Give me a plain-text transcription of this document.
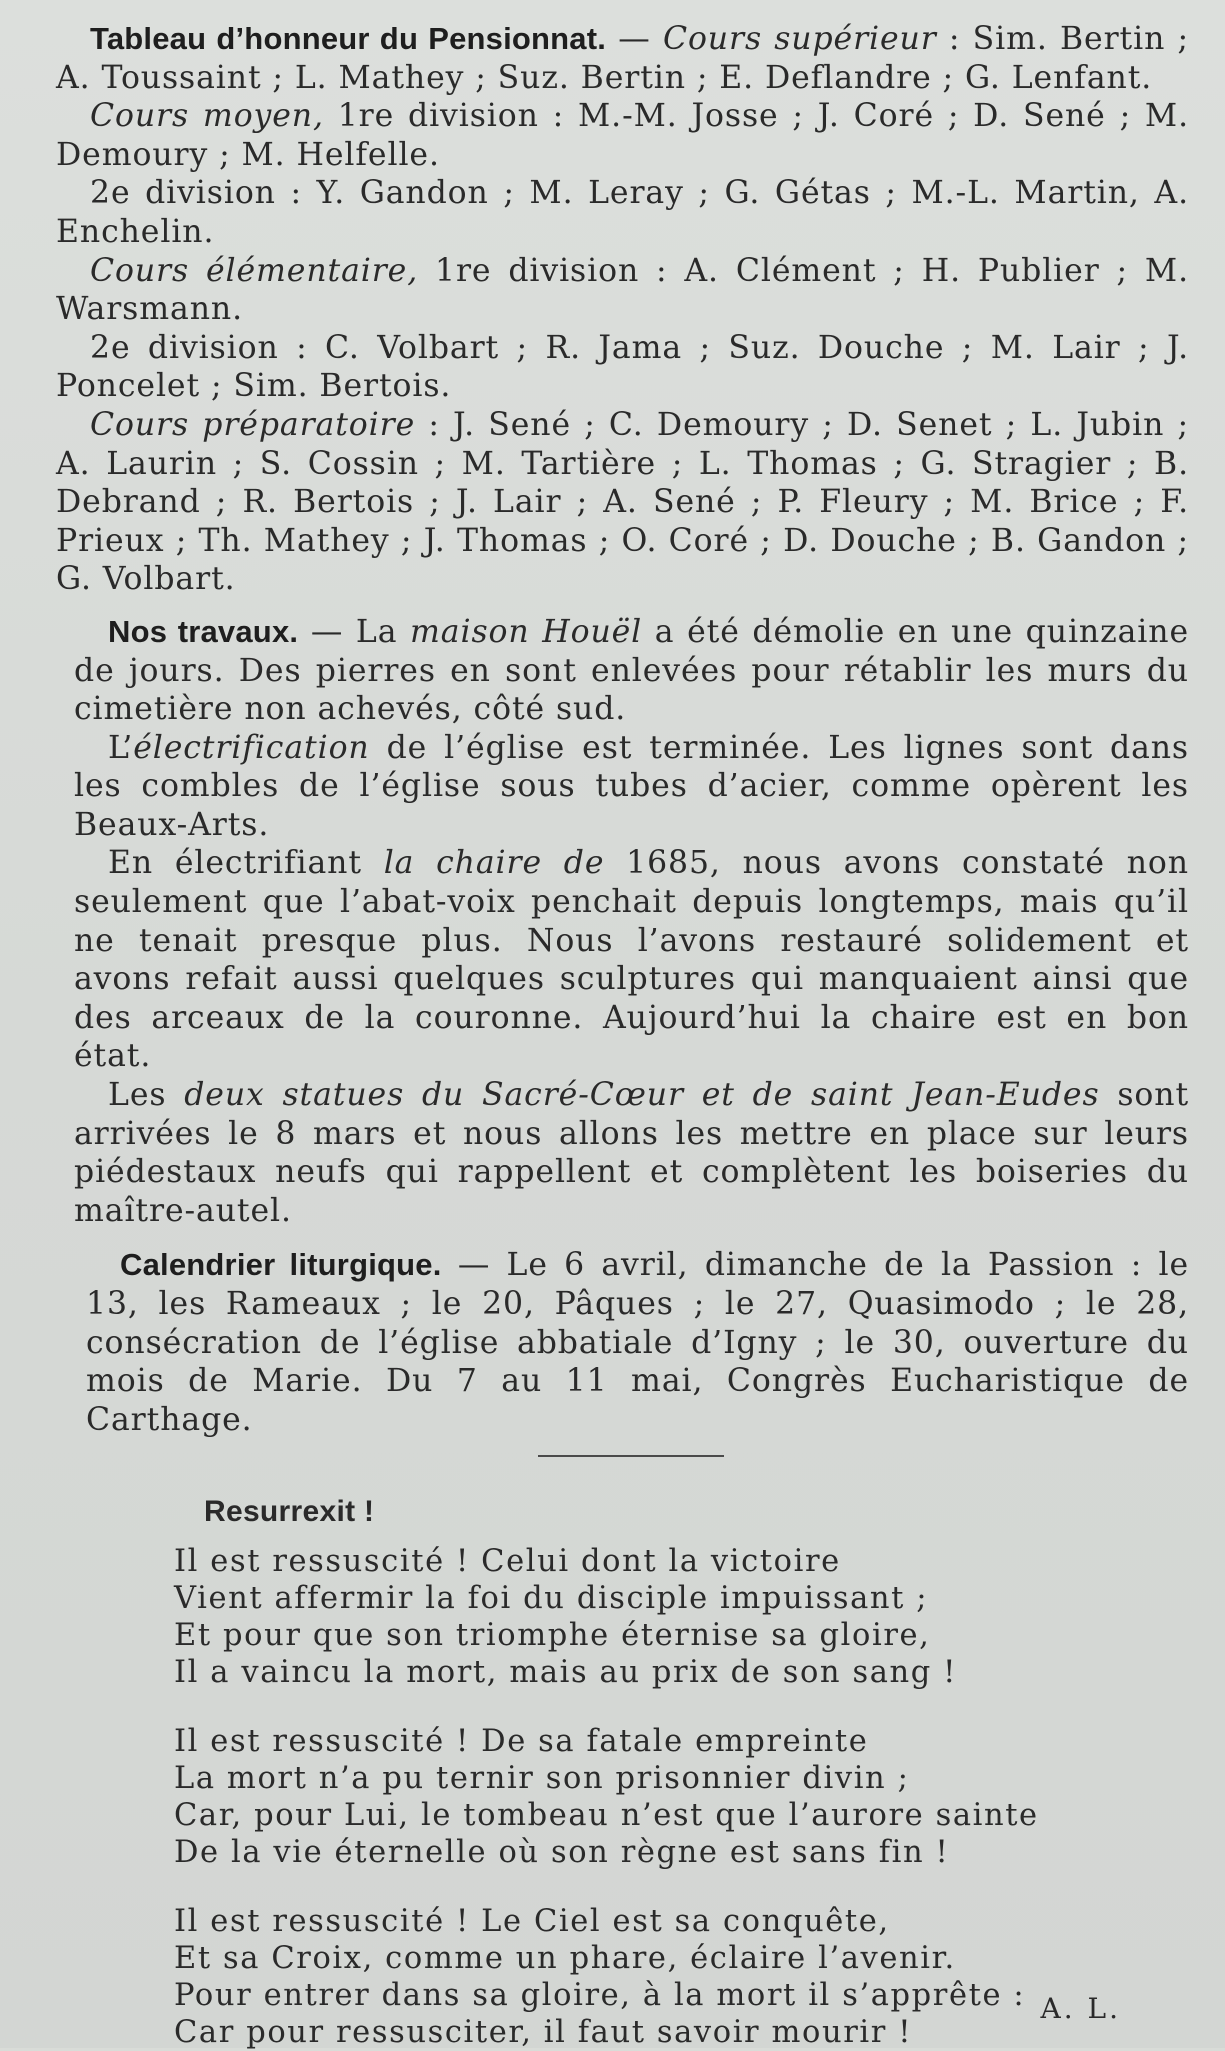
Tableau d’honneur du Pensionnat. — Cours supérieur : Sim. Bertin ; A. Toussaint ; L. Mathey ; Suz. Bertin ; E. Deflandre ; G. Lenfant.

Cours moyen, 1re division : M.-M. Josse ; J. Coré ; D. Sené ; M. Demoury ; M. Helfelle.

2e division : Y. Gandon ; M. Leray ; G. Gétas ; M.-L. Martin, A. Enchelin.

Cours élémentaire, 1re division : A. Clément ; H. Publier ; M. Warsmann.

2e division : C. Volbart ; R. Jama ; Suz. Douche ; M. Lair ; J. Poncelet ; Sim. Bertois.

Cours préparatoire : J. Sené ; C. Demoury ; D. Senet ; L. Jubin ; A. Laurin ; S. Cossin ; M. Tartière ; L. Thomas ; G. Stragier ; B. Debrand ; R. Bertois ; J. Lair ; A. Sené ; P. Fleury ; M. Brice ; F. Prieux ; Th. Mathey ; J. Thomas ; O. Coré ; D. Douche ; B. Gandon ; G. Volbart.

Nos travaux. — La maison Houël a été démolie en une quinzaine de jours. Des pierres en sont enlevées pour rétablir les murs du cimetière non achevés, côté sud.

L’électrification de l’église est terminée. Les lignes sont dans les combles de l’église sous tubes d’acier, comme opèrent les Beaux-Arts.

En électrifiant la chaire de 1685, nous avons constaté non seulement que l’abat-voix penchait depuis longtemps, mais qu’il ne tenait presque plus. Nous l’avons restauré solidement et avons refait aussi quelques sculptures qui manquaient ainsi que des arceaux de la couronne. Aujourd’hui la chaire est en bon état.

Les deux statues du Sacré-Cœur et de saint Jean-Eudes sont arrivées le 8 mars et nous allons les mettre en place sur leurs piédestaux neufs qui rappellent et complètent les boiseries du maître-autel.

Calendrier liturgique. — Le 6 avril, dimanche de la Passion : le 13, les Rameaux ; le 20, Pâques ; le 27, Quasimodo ; le 28, consécration de l’église abbatiale d’Igny ; le 30, ouverture du mois de Marie. Du 7 au 11 mai, Congrès Eucharistique de Carthage.

Resurrexit !

Il est ressuscité ! Celui dont la victoire

Vient affermir la foi du disciple impuissant ;

Et pour que son triomphe éternise sa gloire,

Il a vaincu la mort, mais au prix de son sang !

Il est ressuscité ! De sa fatale empreinte

La mort n’a pu ternir son prisonnier divin ;

Car, pour Lui, le tombeau n’est que l’aurore sainte

De la vie éternelle où son règne est sans fin !

Il est ressuscité ! Le Ciel est sa conquête,

Et sa Croix, comme un phare, éclaire l’avenir.

Pour entrer dans sa gloire, à la mort il s’apprête :

Car pour ressusciter, il faut savoir mourir !

A. L.
